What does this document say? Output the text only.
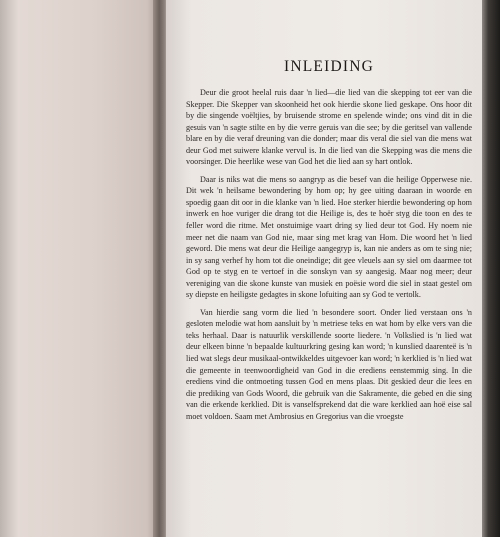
INLEIDING

Deur die groot heelal ruis daar 'n lied—die lied van die skepping tot eer van die Skepper. Die Skepper van skoonheid het ook hierdie skone lied geskape. Ons hoor dit by die singende voëltjies, by bruisende strome en spelende winde; ons vind dit in die gesuis van 'n sagte stilte en by die verre geruis van die see; by die geritsel van vallende blare en by die veraf dreuning van die donder; maar dis veral die siel van die mens wat deur God met suiwere klanke vervul is. In die lied van die Skepping was die mens die voorsinger. Die heerlike wese van God het die lied aan sy hart ontlok.

Daar is niks wat die mens so aangryp as die besef van die heilige Opperwese nie. Dit wek 'n heilsame bewondering by hom op; hy gee uiting daaraan in woorde en spoedig gaan dit oor in die klanke van 'n lied. Hoe sterker hierdie bewondering op hom inwerk en hoe vuriger die drang tot die Heilige is, des te hoër styg die toon en des te feller word die ritme. Met onstuimige vaart dring sy lied deur tot God. Hy noem nie meer net die naam van God nie, maar sing met krag van Hom. Die woord het 'n lied geword. Die mens wat deur die Heilige aangegryp is, kan nie anders as om te sing nie; in sy sang verhef hy hom tot die oneindige; dit gee vleuels aan sy siel om daarmee tot God op te styg en te vertoef in die sonskyn van sy aangesig. Maar nog meer; deur vereniging van die skone kunste van musiek en poësie word die siel in staat gestel om sy diepste en heiligste gedagtes in skone lofuiting aan sy God te vertolk.

Van hierdie sang vorm die lied 'n besondere soort. Onder lied verstaan ons 'n gesloten melodie wat hom aansluit by 'n metriese teks en wat hom by elke vers van die teks herhaal. Daar is natuurlik verskillende soorte liedere. 'n Volkslied is 'n lied wat deur elkeen binne 'n bepaalde kultuurkring gesing kan word; 'n kunslied daarenteë is 'n lied wat slegs deur musikaal-ontwikkeldes uitgevoer kan word; 'n kerklied is 'n lied wat die gemeente in teenwoordigheid van God in die erediens eenstemmig sing. In die erediens vind die ontmoeting tussen God en mens plaas. Dit geskied deur die lees en die prediking van Gods Woord, die gebruik van die Sakramente, die gebed en die sing van die erkende kerklied. Dit is vanselfsprekend dat die ware kerklied aan hoë eise sal moet voldoen. Saam met Ambrosius en Gregorius van die vroegste
